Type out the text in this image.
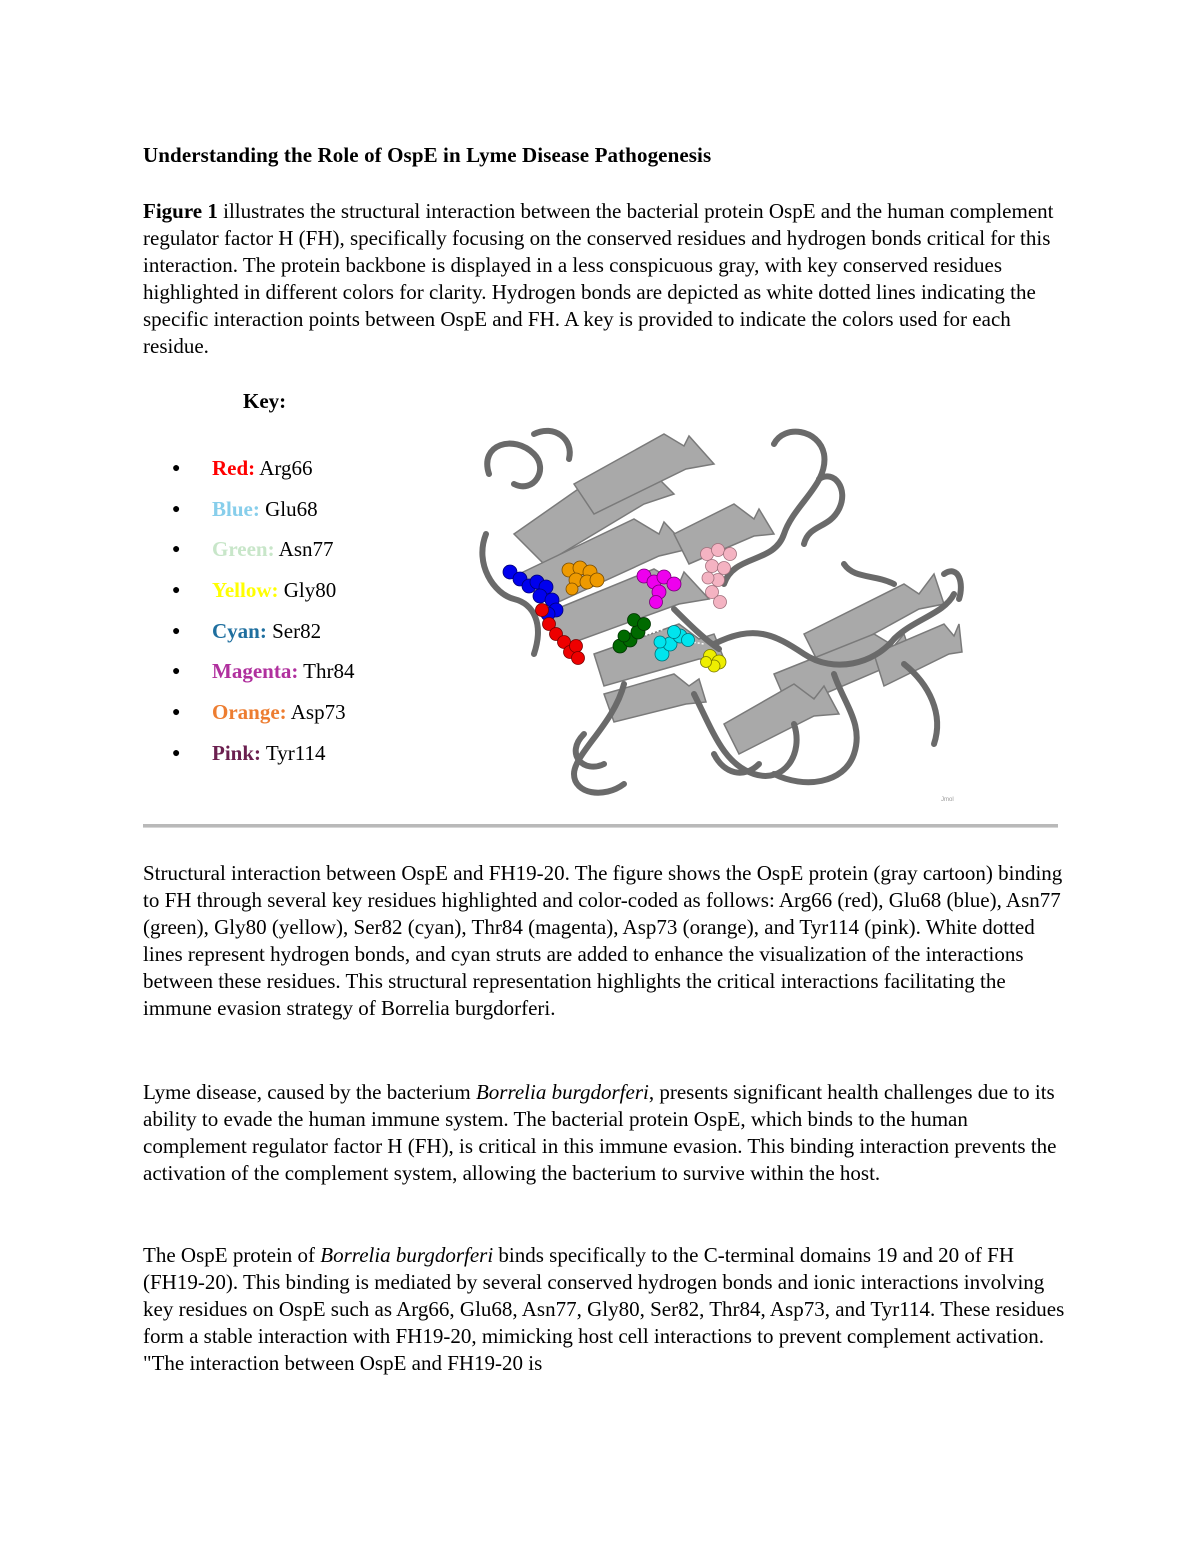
Understanding the Role of OspE in Lyme Disease Pathogenesis

Figure 1 illustrates the structural interaction between the bacterial protein OspE and the human complement regulator factor H (FH), specifically focusing on the conserved residues and hydrogen bonds critical for this interaction. The protein backbone is displayed in a less conspicuous gray, with key conserved residues highlighted in different colors for clarity. Hydrogen bonds are depicted as white dotted lines indicating the specific interaction points between OspE and FH. A key is provided to indicate the colors used for each residue.

Key:
●	Red: Arg66
●	Blue: Glu68
●	Green: Asn77
●	Yellow: Gly80
●	Cyan: Ser82
●	Magenta: Thr84
●	Orange: Asp73
●	Pink: Tyr114
Jmol

Structural interaction between OspE and FH19-20. The figure shows the OspE protein (gray cartoon) binding to FH through several key residues highlighted and color-coded as follows: Arg66 (red), Glu68 (blue), Asn77 (green), Gly80 (yellow), Ser82 (cyan), Thr84 (magenta), Asp73 (orange), and Tyr114 (pink). White dotted lines represent hydrogen bonds, and cyan struts are added to enhance the visualization of the interactions between these residues. This structural representation highlights the critical interactions facilitating the immune evasion strategy of Borrelia burgdorferi.

Lyme disease, caused by the bacterium Borrelia burgdorferi, presents significant health challenges due to its ability to evade the human immune system. The bacterial protein OspE, which binds to the human complement regulator factor H (FH), is critical in this immune evasion. This binding interaction prevents the activation of the complement system, allowing the bacterium to survive within the host.

The OspE protein of Borrelia burgdorferi binds specifically to the C-terminal domains 19 and 20 of FH (FH19-20). This binding is mediated by several conserved hydrogen bonds and ionic interactions involving key residues on OspE such as Arg66, Glu68, Asn77, Gly80, Ser82, Thr84, Asp73, and Tyr114. These residues form a stable interaction with FH19-20, mimicking host cell interactions to prevent complement activation. "The interaction between OspE and FH19-20 is
